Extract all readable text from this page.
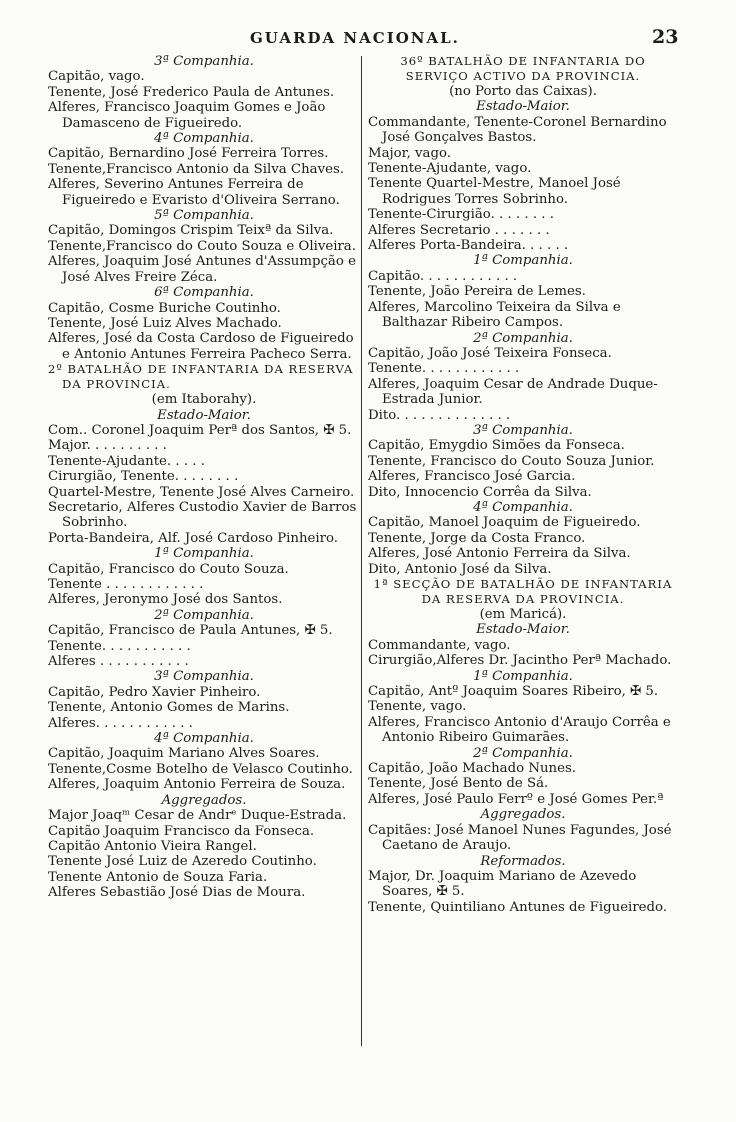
GUARDA NACIONAL.	23
3ª Companhia.
Capitão, vago.
Tenente, José Frederico Paula de Antunes.
Alferes, Francisco Joaquim Gomes e João Damasceno de Figueiredo.
4ª Companhia.
Capitão, Bernardino José Ferreira Torres.
Tenente,Francisco Antonio da Silva Chaves.
Alferes, Severino Antunes Ferreira de Figueiredo e Evaristo d'Oliveira Serrano.
5ª Companhia.
Capitão, Domingos Crispim Teixª da Silva.
Tenente,Francisco do Couto Souza e Oliveira.
Alferes, Joaquim José Antunes d'Assumpção e José Alves Freire Zéca.
6ª Companhia.
Capitão, Cosme Buriche Coutinho.
Tenente, José Luiz Alves Machado.
Alferes, José da Costa Cardoso de Figueiredo e Antonio Antunes Ferreira Pacheco Serra.
2º BATALHÃO DE INFANTARIA DA RESERVA DA PROVINCIA.
(em Itaborahy).
Estado-Maior.
Com.. Coronel Joaquim Perª dos Santos, ✠ 5.
Major. . . . . . . . . .
Tenente-Ajudante. . . . .
Cirurgião, Tenente. . . . . . . .
Quartel-Mestre, Tenente José Alves Carneiro.
Secretario, Alferes Custodio Xavier de Barros Sobrinho.
Porta-Bandeira, Alf. José Cardoso Pinheiro.
1ª Companhia.
Capitão, Francisco do Couto Souza.
Tenente . . . . . . . . . . . .
Alferes, Jeronymo José dos Santos.
2ª Companhia.
Capitão, Francisco de Paula Antunes, ✠ 5.
Tenente. . . . . . . . . . .
Alferes . . . . . . . . . . .
3ª Companhia.
Capitão, Pedro Xavier Pinheiro.
Tenente, Antonio Gomes de Marins.
Alferes. . . . . . . . . . . .
4ª Companhia.
Capitão, Joaquim Mariano Alves Soares.
Tenente,Cosme Botelho de Velasco Coutinho.
Alferes, Joaquim Antonio Ferreira de Souza.
Aggregados.
Major Joaqᵐ Cesar de Andrᵉ Duque-Estrada.
Capitão Joaquim Francisco da Fonseca.
Capitão Antonio Vieira Rangel.
Tenente José Luiz de Azeredo Coutinho.
Tenente Antonio de Souza Faria.
Alferes Sebastião José Dias de Moura.
36º BATALHÃO DE INFANTARIA DO SERVIÇO ACTIVO DA PROVINCIA.
(no Porto das Caixas).
Estado-Maior.
Commandante, Tenente-Coronel Bernardino José Gonçalves Bastos.
Major, vago.
Tenente-Ajudante, vago.
Tenente Quartel-Mestre, Manoel José Rodrigues Torres Sobrinho.
Tenente-Cirurgião. . . . . . . .
Alferes Secretario . . . . . . .
Alferes Porta-Bandeira. . . . . .
1ª Companhia.
Capitão. . . . . . . . . . . .
Tenente, João Pereira de Lemes.
Alferes, Marcolino Teixeira da Silva e Balthazar Ribeiro Campos.
2ª Companhia.
Capitão, João José Teixeira Fonseca.
Tenente. . . . . . . . . . . .
Alferes, Joaquim Cesar de Andrade Duque-Estrada Junior.
Dito. . . . . . . . . . . . . .
3ª Companhia.
Capitão, Emygdio Simões da Fonseca.
Tenente, Francisco do Couto Souza Junior.
Alferes, Francisco José Garcia.
Dito, Innocencio Corrêa da Silva.
4ª Companhia.
Capitão, Manoel Joaquim de Figueiredo.
Tenente, Jorge da Costa Franco.
Alferes, José Antonio Ferreira da Silva.
Dito, Antonio José da Silva.
1ª SECÇÃO DE BATALHÃO DE INFANTARIA DA RESERVA DA PROVINCIA.
(em Maricá).
Estado-Maior.
Commandante, vago.
Cirurgião,Alferes Dr. Jacintho Perª Machado.
1ª Companhia.
Capitão, Antº Joaquim Soares Ribeiro, ✠ 5.
Tenente, vago.
Alferes, Francisco Antonio d'Araujo Corrêa e Antonio Ribeiro Guimarães.
2ª Companhia.
Capitão, João Machado Nunes.
Tenente, José Bento de Sá.
Alferes, José Paulo Ferrº e José Gomes Per.ª
Aggregados.
Capitães: José Manoel Nunes Fagundes, José Caetano de Araujo.
Reformados.
Major, Dr. Joaquim Mariano de Azevedo Soares, ✠ 5.
Tenente, Quintiliano Antunes de Figueiredo.
